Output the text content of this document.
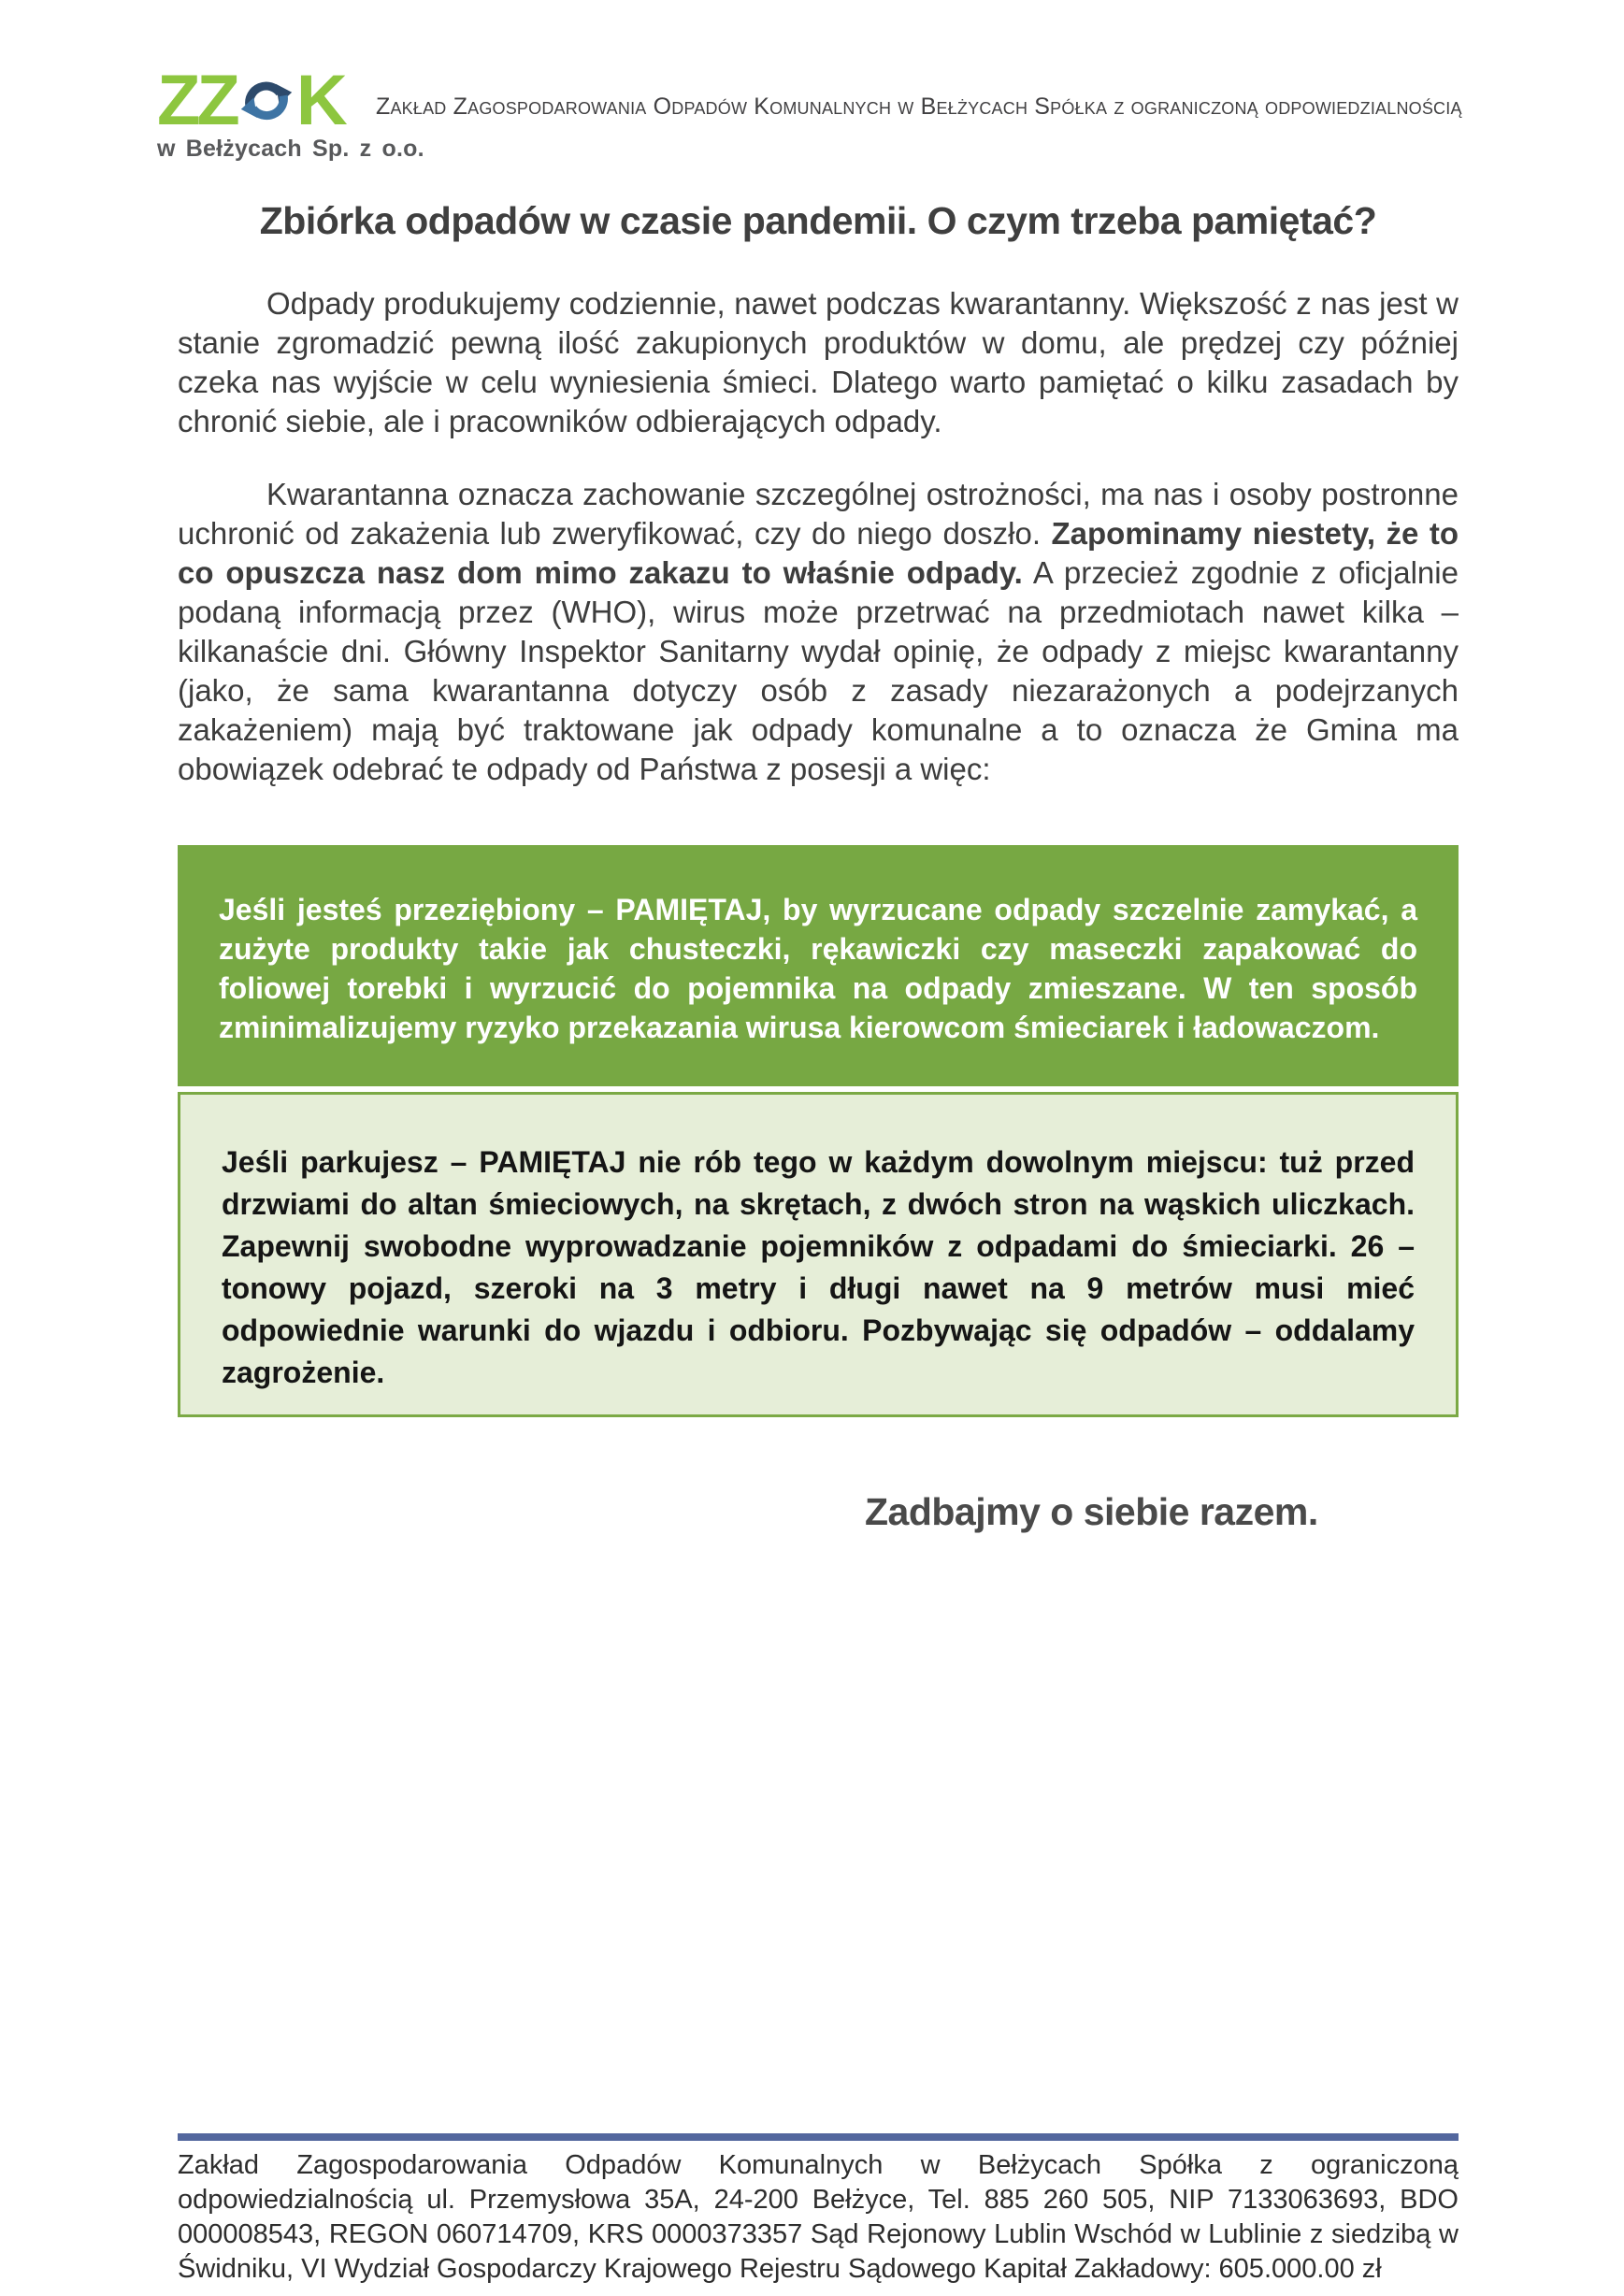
ZZ K
w Bełżycach Sp. z o.o.
Zakład Zagospodarowania Odpadów Komunalnych w Bełżycach Spółka z ograniczoną odpowiedzialnością
Zbiórka odpadów w czasie pandemii. O czym trzeba pamiętać?

Odpady produkujemy codziennie, nawet podczas kwarantanny. Większość z nas jest w stanie zgromadzić pewną ilość zakupionych produktów w domu, ale prędzej czy później czeka nas wyjście w celu wyniesienia śmieci. Dlatego warto pamiętać o kilku zasadach by chronić siebie, ale i pracowników odbierających odpady.

Kwarantanna oznacza zachowanie szczególnej ostrożności, ma nas i osoby postronne uchronić od zakażenia lub zweryfikować, czy do niego doszło. Zapominamy niestety, że to co opuszcza nasz dom mimo zakazu to właśnie odpady. A przecież zgodnie z oficjalnie podaną informacją przez (WHO), wirus może przetrwać na przedmiotach nawet kilka – kilkanaście dni. Główny Inspektor Sanitarny wydał opinię, że odpady z miejsc kwarantanny (jako, że sama kwarantanna dotyczy osób z zasady niezarażonych a podejrzanych zakażeniem) mają być traktowane jak odpady komunalne a to oznacza że Gmina ma obowiązek odebrać te odpady od Państwa z posesji a więc:

Jeśli jesteś przeziębiony – PAMIĘTAJ, by wyrzucane odpady szczelnie zamykać, a zużyte produkty takie jak chusteczki, rękawiczki czy maseczki zapakować do foliowej torebki i wyrzucić do pojemnika na odpady zmieszane. W ten sposób zminimalizujemy ryzyko przekazania wirusa kierowcom śmieciarek i ładowaczom.

Jeśli parkujesz – PAMIĘTAJ nie rób tego w każdym dowolnym miejscu: tuż przed drzwiami do altan śmieciowych, na skrętach, z dwóch stron na wąskich uliczkach. Zapewnij swobodne wyprowadzanie pojemników z odpadami do śmieciarki. 26 – tonowy pojazd, szeroki na 3 metry i długi nawet na 9 metrów musi mieć odpowiednie warunki do wjazdu i odbioru. Pozbywając się odpadów – oddalamy zagrożenie.

Zadbajmy o siebie razem.

Zakład Zagospodarowania Odpadów Komunalnych w Bełżycach Spółka z ograniczoną odpowiedzialnością ul. Przemysłowa 35A, 24-200 Bełżyce, Tel. 885 260 505, NIP 7133063693, BDO 000008543, REGON 060714709, KRS 0000373357 Sąd Rejonowy Lublin Wschód w Lublinie z siedzibą w Świdniku, VI Wydział Gospodarczy Krajowego Rejestru Sądowego Kapitał Zakładowy: 605.000.00 zł
